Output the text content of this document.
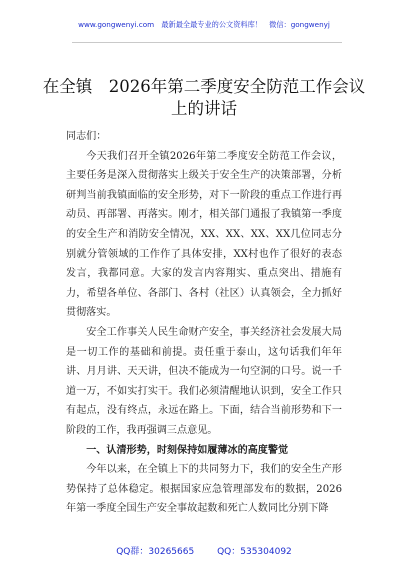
www.gongwenyi.com　最新最全最专业的公文资料库！　微信：gongwenyj
在全镇　2026年第二季度安全防范工作会议
上的讲话

同志们：

今天我们召开全镇2026年第二季度安全防范工作会议，主要任务是深入贯彻落实上级关于安全生产的决策部署，分析研判当前我镇面临的安全形势，对下一阶段的重点工作进行再动员、再部署、再落实。刚才，相关部门通报了我镇第一季度的安全生产和消防安全情况，XX、XX、XX、XX几位同志分别就分管领域的工作作了具体安排，XX村也作了很好的表态发言，我都同意。大家的发言内容翔实、重点突出、措施有力，希望各单位、各部门、各村（社区）认真领会，全力抓好贯彻落实。

安全工作事关人民生命财产安全，事关经济社会发展大局是一切工作的基础和前提。责任重于泰山，这句话我们年年讲、月月讲、天天讲，但决不能成为一句空洞的口号。说一千道一万，不如实打实干。我们必须清醒地认识到，安全工作只有起点，没有终点，永远在路上。下面，结合当前形势和下一阶段的工作，我再强调三点意见。

一、认清形势，时刻保持如履薄冰的高度警觉

今年以来，在全镇上下的共同努力下，我们的安全生产形势保持了总体稳定。根据国家应急管理部发布的数据，2026年第一季度全国生产安全事故起数和死亡人数同比分别下降

QQ群：30265665	QQ：535304092
